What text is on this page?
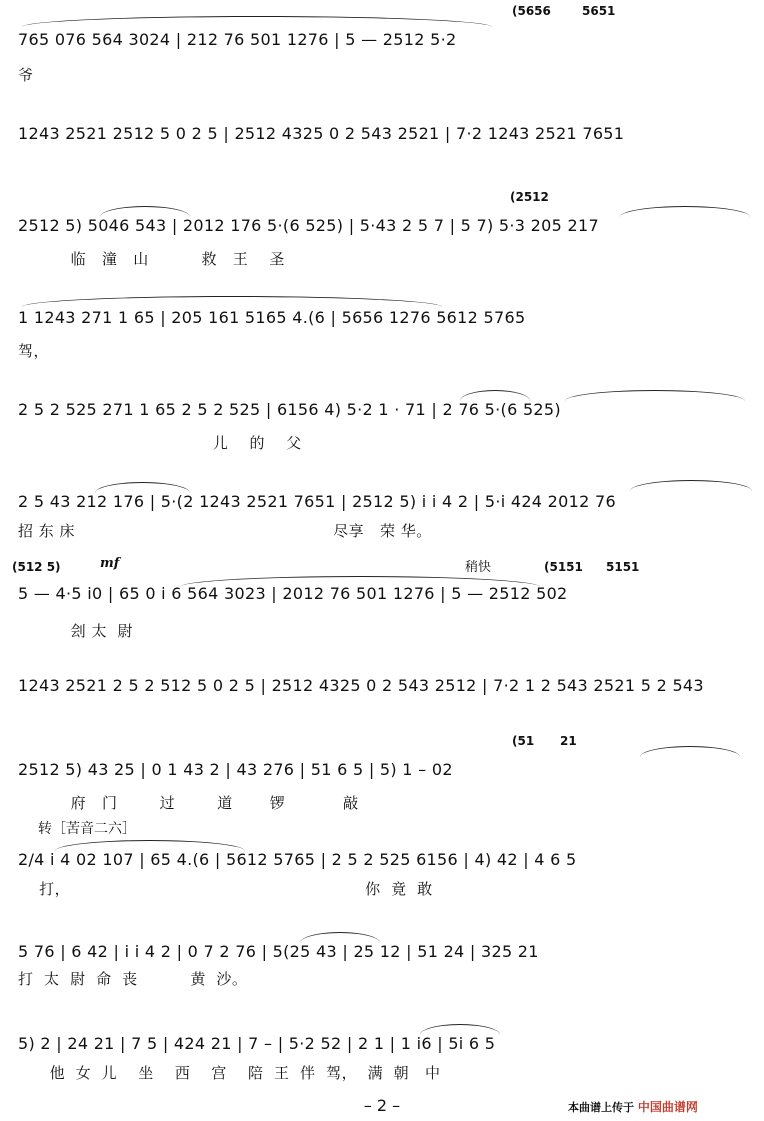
(5656	5651
765 076 564 3024 | 212 76 501 1276 | 5 — 2512 5·2
爷
1243 2521 2512 5 0 2 5 | 2512 4325 0 2 543 2521 | 7·2 1243 2521 7651
(2512
2512 5) 5046 543 | 2012 176 5·(6 525) | 5·43 2 5 7 | 5 7) 5·3 205 217
临   潼   山          救   王    圣
1 1243 271 1 65 | 205 161 5165 4.(6 | 5656 1276 5612 5765
驾，
2 5 2 525 271 1 65 2 5 2 525 | 6156 4) 5·2 1 · 71 | 2 76 5·(6 525)
儿    的    父
2 5 43 212 176 | 5·(2 1243 2521 7651 | 2512 5) i i 4 2 | 5·i 424 2012 76
招 东 床                                                 尽享   荣 华。
(512 5)	mf	稍快	(5151 5151
5 — 4·5 i0 | 65 0 i 6 564 3023 | 2012 76 501 1276 | 5 — 2512 502
刽 太  尉
1243 2521 2 5 2 512 5 0 2 5 | 2512 4325 0 2 543 2512 | 7·2 1 2 543 2521 5 2 543
(51 21
2512 5) 43 25 | 0 1 43 2 | 43 276 | 51 6 5 | 5) 1 – 02
府   门        过        道       锣           敲
转［苦音二六］
2/4 i 4 02 107 | 65 4.(6 | 5612 5765 | 2 5 2 525 6156 | 4) 42 | 4 6 5
打，                                                        你  竟  敢
5 76 | 6 42 | i i 4 2 | 0 7 2 76 | 5(25 43 | 25 12 | 51 24 | 325 21
打  太  尉  命  丧          黄  沙。
5) 2 | 24 21 | 7 5 | 424 21 | 7 – | 5·2 52 | 2 1 | 1 i6 | 5i 6 5
他  女  儿    坐    西    宫    陪  王  伴  驾，  满  朝   中
– 2 –	本曲谱上传于 中国曲谱网
